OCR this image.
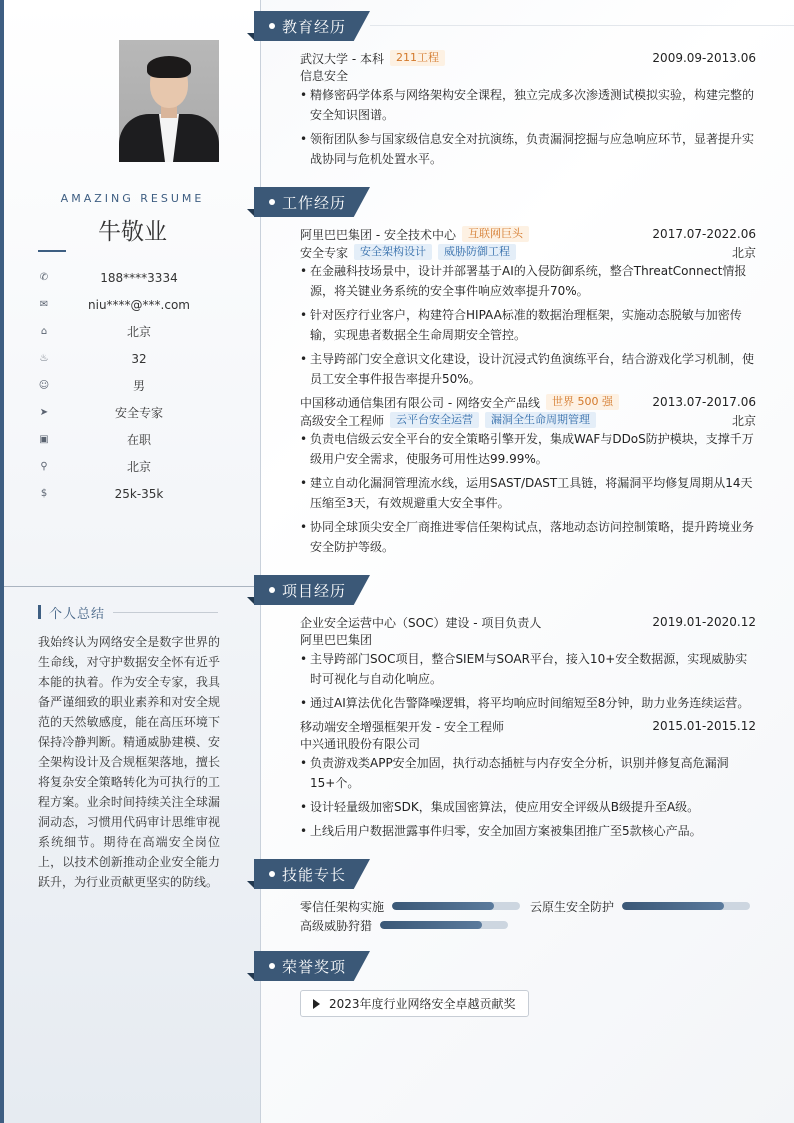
AMAZING RESUME
牛敬业
✆	188****3334
✉	niu****@***.com
⌂	北京
♨	32
☺	男
➤	安全专家
▣	在职
⚲	北京
$	25k-35k
个人总结
我始终认为网络安全是数字世界的生命线，对守护数据安全怀有近乎本能的执着。作为安全专家，我具备严谨细致的职业素养和对安全规范的天然敏感度，能在高压环境下保持冷静判断。精通威胁建模、安全架构设计及合规框架落地，擅长将复杂安全策略转化为可执行的工程方案。业余时间持续关注全球漏洞动态，习惯用代码审计思维审视系统细节。期待在高端安全岗位上，以技术创新推动企业安全能力跃升，为行业贡献更坚实的防线。
教育经历
武汉大学 - 本科	211工程	2009.09-2013.06
信息安全
• 精修密码学体系与网络架构安全课程，独立完成多次渗透测试模拟实验，构建完整的安全知识图谱。
• 领衔团队参与国家级信息安全对抗演练，负责漏洞挖掘与应急响应环节，显著提升实战协同与危机处置水平。
工作经历
阿里巴巴集团 - 安全技术中心	互联网巨头	2017.07-2022.06
安全专家	安全架构设计	威胁防御工程	北京
• 在金融科技场景中，设计并部署基于AI的入侵防御系统，整合ThreatConnect情报源，将关键业务系统的安全事件响应效率提升70%。
• 针对医疗行业客户，构建符合HIPAA标准的数据治理框架，实施动态脱敏与加密传输，实现患者数据全生命周期安全管控。
• 主导跨部门安全意识文化建设，设计沉浸式钓鱼演练平台，结合游戏化学习机制，使员工安全事件报告率提升50%。
中国移动通信集团有限公司 - 网络安全产品线	世界 500 强	2013.07-2017.06
高级安全工程师	云平台安全运营	漏洞全生命周期管理	北京
• 负责电信级云安全平台的安全策略引擎开发，集成WAF与DDoS防护模块，支撑千万级用户安全需求，使服务可用性达99.99%。
• 建立自动化漏洞管理流水线，运用SAST/DAST工具链，将漏洞平均修复周期从14天压缩至3天，有效规避重大安全事件。
• 协同全球顶尖安全厂商推进零信任架构试点，落地动态访问控制策略，提升跨境业务安全防护等级。
项目经历
企业安全运营中心（SOC）建设 - 项目负责人	2019.01-2020.12
阿里巴巴集团
• 主导跨部门SOC项目，整合SIEM与SOAR平台，接入10+安全数据源，实现威胁实时可视化与自动化响应。
• 通过AI算法优化告警降噪逻辑，将平均响应时间缩短至8分钟，助力业务连续运营。
移动端安全增强框架开发 - 安全工程师	2015.01-2015.12
中兴通讯股份有限公司
• 负责游戏类APP安全加固，执行动态插桩与内存安全分析，识别并修复高危漏洞15+个。
• 设计轻量级加密SDK，集成国密算法，使应用安全评级从B级提升至A级。
• 上线后用户数据泄露事件归零，安全加固方案被集团推广至5款核心产品。
技能专长
零信任架构实施	云原生安全防护
高级威胁狩猎
荣誉奖项
2023年度行业网络安全卓越贡献奖
